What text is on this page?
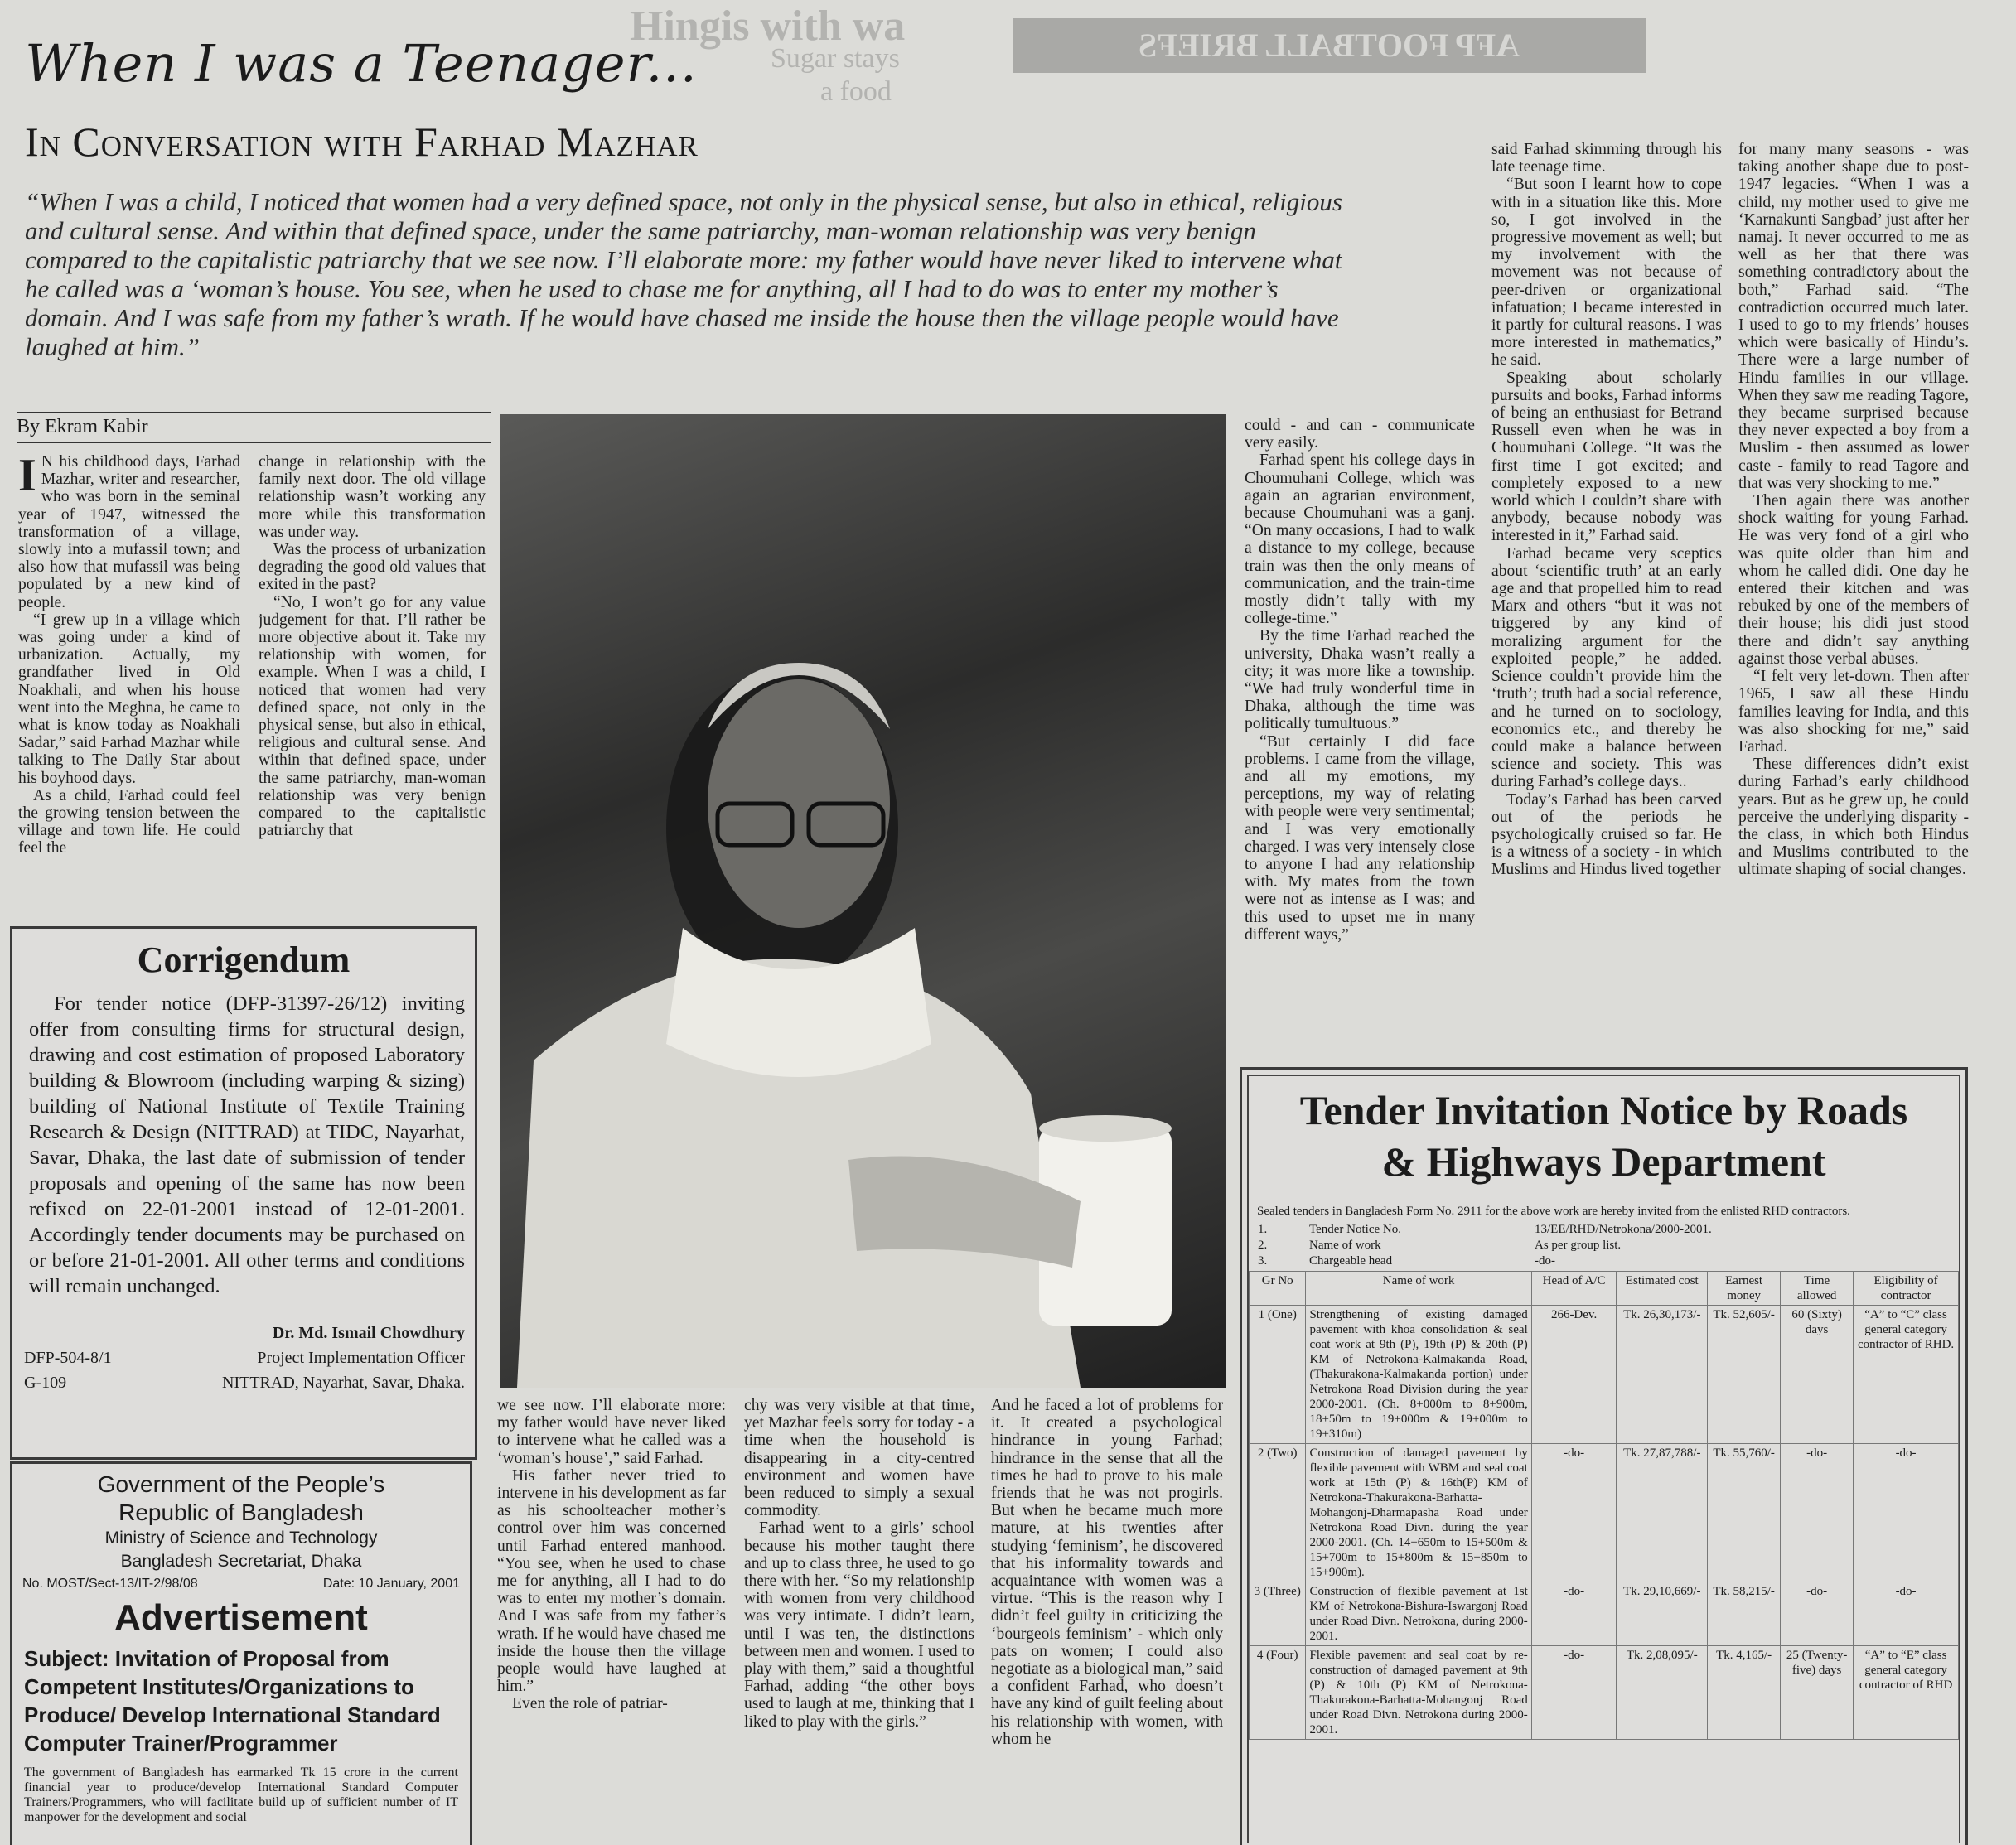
Hingis with wa
Sugar stays
a food
AFP FOOTBALL BRIEFS
When I was a Teenager...
In Conversation with Farhad Mazhar
“When I was a child, I noticed that women had a very defined space, not only in the physical sense, but also in ethical, religious and cultural sense. And within that defined space, under the same patriarchy, man-woman relationship was very benign compared to the capitalistic patriarchy that we see now. I’ll elaborate more: my father would have never liked to intervene what he called was a ‘woman’s house. You see, when he used to chase me for anything, all I had to do was to enter my mother’s domain. And I was safe from my father’s wrath. If he would have chased me inside the house then the village people would have laughed at him.”
By Ekram Kabir

I N his childhood days, Farhad Mazhar, writer and researcher, who was born in the seminal year of 1947, witnessed the transformation of a village, slowly into a mufassil town; and also how that mufassil was being populated by a new kind of people.

“I grew up in a village which was going under a kind of urbanization. Actually, my grandfather lived in Old Noakhali, and when his house went into the Meghna, he came to what is know today as Noakhali Sadar,” said Farhad Mazhar while talking to The Daily Star about his boyhood days.

As a child, Farhad could feel the growing tension between the village and town life. He could feel the

change in relationship with the family next door. The old village relationship wasn’t working any more while this transformation was under way.

Was the process of urbanization degrading the good old values that exited in the past?

“No, I won’t go for any value judgement for that. I’ll rather be more objective about it. Take my relationship with women, for example. When I was a child, I noticed that women had very defined space, not only in the physical sense, but also in ethical, religious and cultural sense. And within that defined space, under the same patriarchy, man-woman relationship was very benign compared to the capitalistic patriarchy that

could - and can - communicate very easily.

Farhad spent his college days in Choumuhani College, which was again an agrarian environment, because Choumuhani was a ganj. “On many occasions, I had to walk a distance to my college, because train was then the only means of communication, and the train-time mostly didn’t tally with my college-time.”

By the time Farhad reached the university, Dhaka wasn’t really a city; it was more like a township. “We had truly wonderful time in Dhaka, although the time was politically tumultuous.”

“But certainly I did face problems. I came from the village, and all my emotions, my perceptions, my way of relating with people were very sentimental; and I was very emotionally charged. I was very intensely close to anyone I had any relationship with. My mates from the town were not as intense as I was; and this used to upset me in many different ways,”

said Farhad skimming through his late teenage time.

“But soon I learnt how to cope with in a situation like this. More so, I got involved in the progressive movement as well; but my involvement with the movement was not because of peer-driven or organizational infatuation; I became interested in it partly for cultural reasons. I was more interested in mathematics,” he said.

Speaking about scholarly pursuits and books, Farhad informs of being an enthusiast for Betrand Russell even when he was in Choumuhani College. “It was the first time I got excited; and completely exposed to a new world which I couldn’t share with anybody, because nobody was interested in it,” Farhad said.

Farhad became very sceptics about ‘scientific truth’ at an early age and that propelled him to read Marx and others “but it was not triggered by any kind of moralizing argument for the exploited people,” he added. Science couldn’t provide him the ‘truth’; truth had a social reference, and he turned on to sociology, economics etc., and thereby he could make a balance between science and society. This was during Farhad’s college days..

Today’s Farhad has been carved out of the periods he psychologically cruised so far. He is a witness of a society - in which Muslims and Hindus lived together

for many many seasons - was taking another shape due to post-1947 legacies. “When I was a child, my mother used to give me ‘Karnakunti Sangbad’ just after her namaj. It never occurred to me as well as her that there was something contradictory about the both,” Farhad said. “The contradiction occurred much later. I used to go to my friends’ houses which were basically of Hindu’s. There were a large number of Hindu families in our village. When they saw me reading Tagore, they became surprised because they never expected a boy from a Muslim - then assumed as lower caste - family to read Tagore and that was very shocking to me.”

Then again there was another shock waiting for young Farhad. He was very fond of a girl who was quite older than him and whom he called didi. One day he entered their kitchen and was rebuked by one of the members of their house; his didi just stood there and didn’t say anything against those verbal abuses.

“I felt very let-down. Then after 1965, I saw all these Hindu families leaving for India, and this was also shocking for me,” said Farhad.

These differences didn’t exist during Farhad’s early childhood years. But as he grew up, he could perceive the underlying disparity - the class, in which both Hindus and Muslims contributed to the ultimate shaping of social changes.

we see now. I’ll elaborate more: my father would have never liked to intervene what he called was a ‘woman’s house’,” said Farhad.

His father never tried to intervene in his development as far as his schoolteacher mother’s control over him was concerned until Farhad entered manhood. “You see, when he used to chase me for anything, all I had to do was to enter my mother’s domain. And I was safe from my father’s wrath. If he would have chased me inside the house then the village people would have laughed at him.”

Even the role of patriar-

chy was very visible at that time, yet Mazhar feels sorry for today - a time when the household is disappearing in a city-centred environment and women have been reduced to simply a sexual commodity.

Farhad went to a girls’ school because his mother taught there and up to class three, he used to go there with her. “So my relationship with women from very childhood was very intimate. I didn’t learn, until I was ten, the distinctions between men and women. I used to play with them,” said a thoughtful Farhad, adding “the other boys used to laugh at me, thinking that I liked to play with the girls.”

And he faced a lot of problems for it. It created a psychological hindrance in young Farhad; hindrance in the sense that all the times he had to prove to his male friends that he was not progirls. But when he became much more mature, at his twenties after studying ‘feminism’, he discovered that his informality towards and acquaintance with women was a virtue. “This is the reason why I didn’t feel guilty in criticizing the ‘bourgeois feminism’ - which only pats on women; I could also negotiate as a biological man,” said a confident Farhad, who doesn’t have any kind of guilt feeling about his relationship with women, with whom he

Corrigendum

For tender notice (DFP-31397-26/12) inviting offer from consulting firms for structural design, drawing and cost estimation of proposed Laboratory building & Blowroom (including warping & sizing) building of National Institute of Textile Training Research & Design (NITTRAD) at TIDC, Nayarhat, Savar, Dhaka, the last date of submission of tender proposals and opening of the same has now been refixed on 22-01-2001 instead of 12-01-2001. Accordingly tender documents may be purchased on or before 21-01-2001. All other terms and conditions will remain unchanged.

Dr. Md. Ismail Chowdhury
DFP-504-8/1	Project Implementation Officer
G-109	NITTRAD, Nayarhat, Savar, Dhaka.
Government of the People’s
Republic of Bangladesh
Ministry of Science and Technology
Bangladesh Secretariat, Dhaka
No. MOST/Sect-13/IT-2/98/08	Date: 10 January, 2001
Advertisement
Subject: Invitation of Proposal from Competent Institutes/Organizations to Produce/ Develop International Standard Computer Trainer/Programmer
The government of Bangladesh has earmarked Tk 15 crore in the current financial year to produce/develop International Standard Computer Trainers/Programmers, who will facilitate build up of sufficient number of IT manpower for the development and social
Tender Invitation Notice by Roads
& Highways Department
Sealed tenders in Bangladesh Form No. 2911 for the above work are hereby invited from the enlisted RHD contractors.
1.	Tender Notice No.	13/EE/RHD/Netrokona/2000-2001.
2.	Name of work	As per group list.
3.	Chargeable head	-do-
Gr No	Name of work	Head of A/C	Estimated cost	Earnest money	Time allowed	Eligibility of contractor
1 (One)	Strengthening of existing damaged pavement with khoa consolidation & seal coat work at 9th (P), 19th (P) & 20th (P) KM of Netrokona-Kalmakanda Road, (Thakurakona-Kalmakanda portion) under Netrokona Road Division during the year 2000-2001. (Ch. 8+000m to 8+900m, 18+50m to 19+000m & 19+000m to 19+310m)	266-Dev.	Tk. 26,30,173/-	Tk. 52,605/-	60 (Sixty) days	“A” to “C” class general category contractor of RHD.
2 (Two)	Construction of damaged pavement by flexible pavement with WBM and seal coat work at 15th (P) & 16th(P) KM of Netrokona-Thakurakona-Barhatta-Mohangonj-Dharmapasha Road under Netrokona Road Divn. during the year 2000-2001. (Ch. 14+650m to 15+500m & 15+700m to 15+800m & 15+850m to 15+900m).	-do-	Tk. 27,87,788/-	Tk. 55,760/-	-do-	-do-
3 (Three)	Construction of flexible pavement at 1st KM of Netrokona-Bishura-Iswargonj Road under Road Divn. Netrokona, during 2000-2001.	-do-	Tk. 29,10,669/-	Tk. 58,215/-	-do-	-do-
4 (Four)	Flexible pavement and seal coat by re-construction of damaged pavement at 9th (P) & 10th (P) KM of Netrokona-Thakurakona-Barhatta-Mohangonj Road under Road Divn. Netrokona during 2000-2001.	-do-	Tk. 2,08,095/-	Tk. 4,165/-	25 (Twenty-five) days	“A” to “E” class general category contractor of RHD
